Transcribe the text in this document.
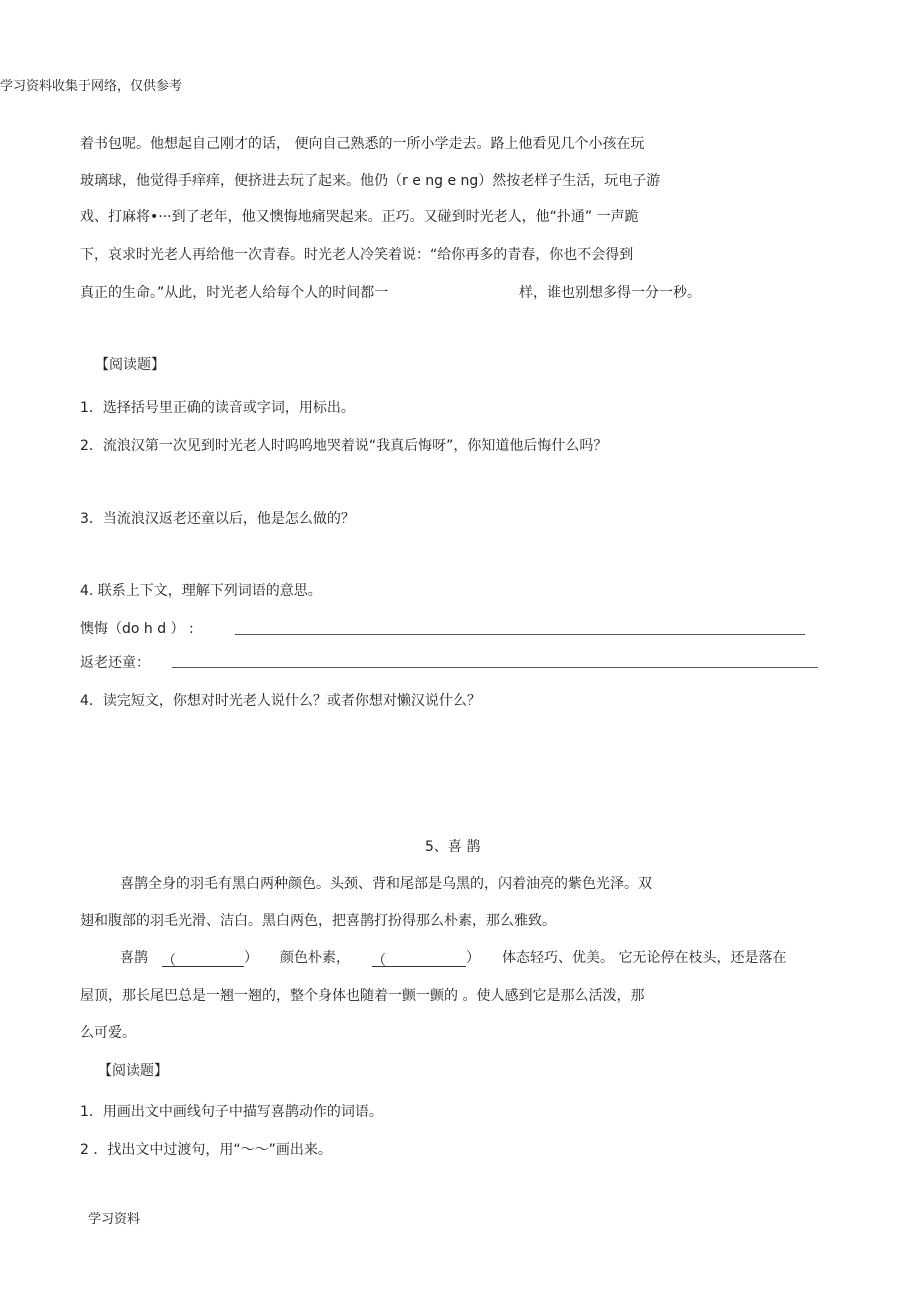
学习资料收集于网络，仅供参考
着书包呢。他想起自己刚才的话， 便向自己熟悉的一所小学走去。路上他看见几个小孩在玩
玻璃球，他觉得手痒痒，便挤进去玩了起来。他仍（r e ng e ng）然按老样子生活，玩电子游
戏、打麻将•···到了老年，他又懊悔地痛哭起来。正巧。又碰到时光老人，他“扑通” 一声跪
下，哀求时光老人再给他一次青春。时光老人冷笑着说：“给你再多的青春，你也不会得到
真正的生命。”从此，时光老人给每个人的时间都一	样，谁也别想多得一分一秒。
【阅读题】
1．选择括号里正确的读音或字词，用标出。
2．流浪汉第一次见到时光老人时呜呜地哭着说“我真后悔呀”，你知道他后悔什么吗？
3．当流浪汉返老还童以后，他是怎么做的？
4. 联系上下文，理解下列词语的意思。
懊悔（do h d ） :
返老还童：
4．读完短文，你想对时光老人说什么？或者你想对懒汉说什么？
5、喜 鹊
喜鹊全身的羽毛有黑白两种颜色。头颈、背和尾部是乌黑的，闪着油亮的紫色光泽。双
翅和腹部的羽毛光滑、洁白。黑白两色，把喜鹊打扮得那么朴素，那么雅致。
喜鹊 （	） 颜色朴素， （	） 体态轻巧、优美。 它无论停在枝头，还是落在
屋顶，那长尾巴总是一翘一翘的，整个身体也随着一颤一颤的 。使人感到它是那么活泼，那
么可爱。
【阅读题】
1．用画出文中画线句子中描写喜鹊动作的词语。
2 ．找出文中过渡句，用“～～”画出来。
学习资料
